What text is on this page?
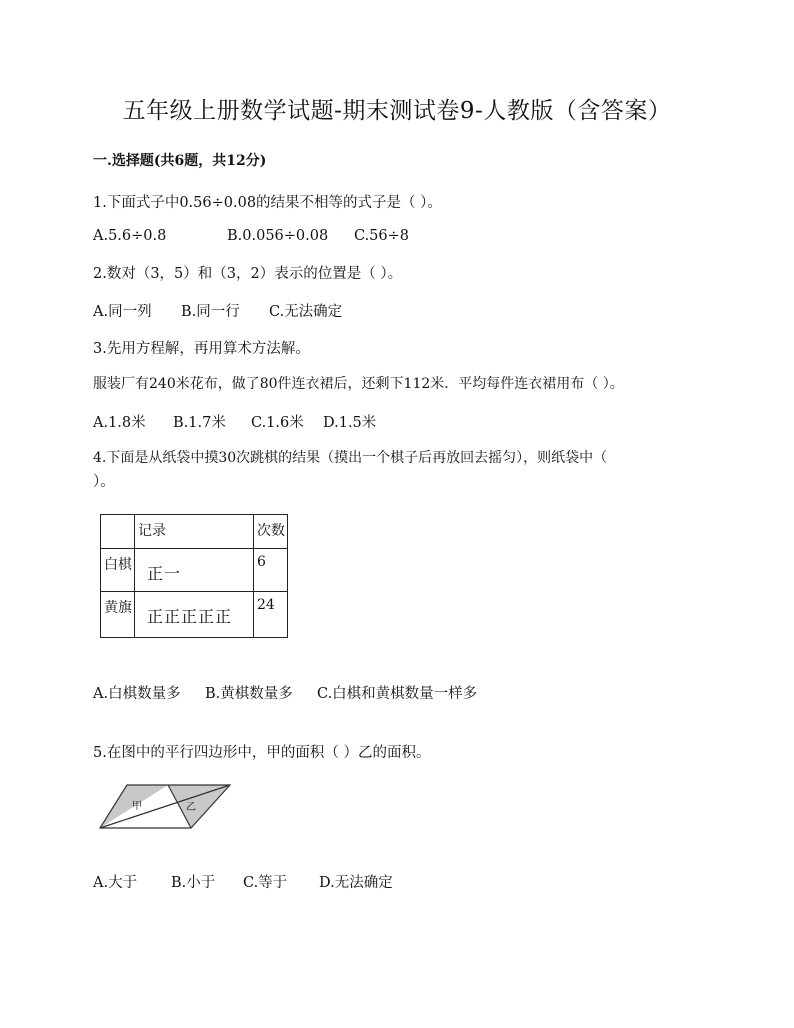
五年级上册数学试题-期末测试卷9-人教版（含答案）
一.选择题(共6题，共12分)
1.下面式子中0.56÷0.08的结果不相等的式子是（ ）。
A.5.6÷0.8	B.0.056÷0.08	C.56÷8
2.数对（3，5）和（3，2）表示的位置是（ ）。
A.同一列	B.同一行	C.无法确定
3.先用方程解，再用算术方法解。
服装厂有240米花布，做了80件连衣裙后，还剩下112米．平均每件连衣裙用布（ ）。
A.1.8米	B.1.7米	C.1.6米	D.1.5米
4.下面是从纸袋中摸30次跳棋的结果（摸出一个棋子后再放回去摇匀），则纸袋中（
）。

	记录	次数

白棋	正一	6

黄旗	正正正正正	24
A.白棋数量多	B.黄棋数量多	C.白棋和黄棋数量一样多
5.在图中的平行四边形中，甲的面积（ ）乙的面积。
甲	乙
A.大于	B.小于	C.等于	D.无法确定
